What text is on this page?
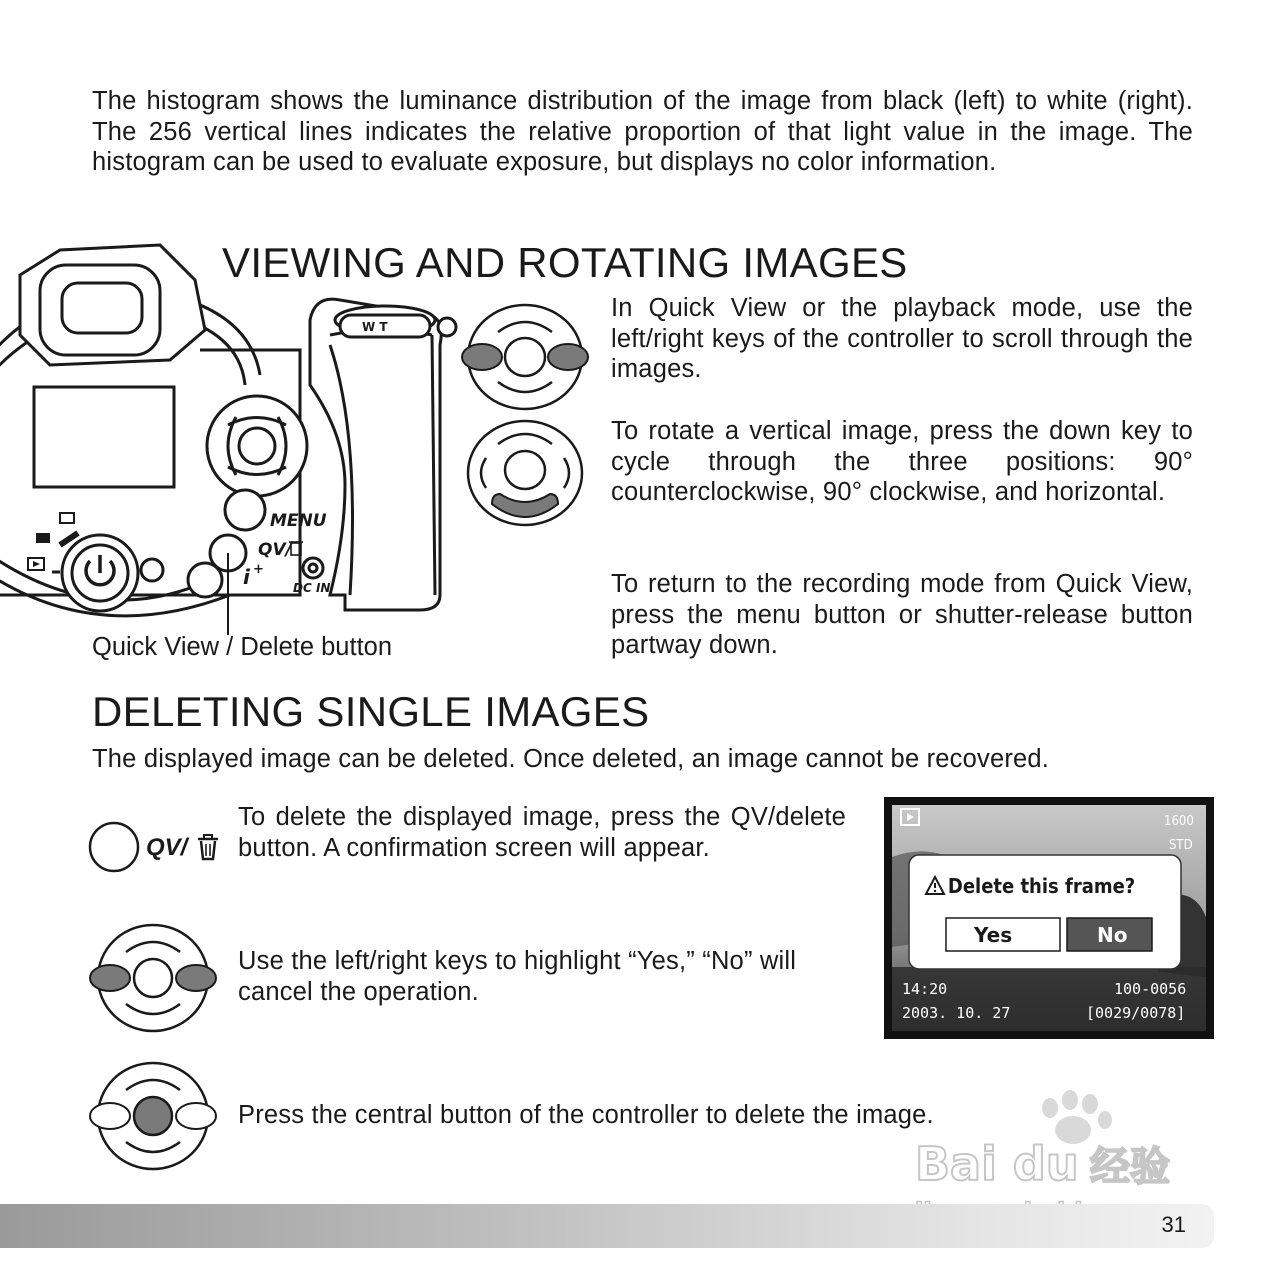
The histogram shows the luminance distribution of the image from black (left) to white (right). The 256 vertical lines indicates the relative proportion of that light value in the image. The histogram can be used to evaluate exposure, but displays no color information.
MENU
QV/
i +
DC IN
W T
VIEWING AND ROTATING IMAGES
In Quick View or the playback mode, use the left/right keys of the controller to scroll through the images.
To rotate a vertical image, press the down key to cycle through the three positions: 90° counterclockwise, 90° clockwise, and horizontal.
To return to the recording mode from Quick View, press the menu button or shutter-release button partway down.
Quick View / Delete button
DELETING SINGLE IMAGES
The displayed image can be deleted. Once deleted, an image cannot be recovered.
QV/
To delete the displayed image, press the QV/delete button. A confirmation screen will appear.
Use the left/right keys to highlight “Yes,” “No” will cancel the operation.
Press the central button of the controller to delete the image.
1600
STD
Delete this frame?
Yes	No
14:20
2003. 10. 27
100-0056
[0029/0078]
Bai du 经验
31
